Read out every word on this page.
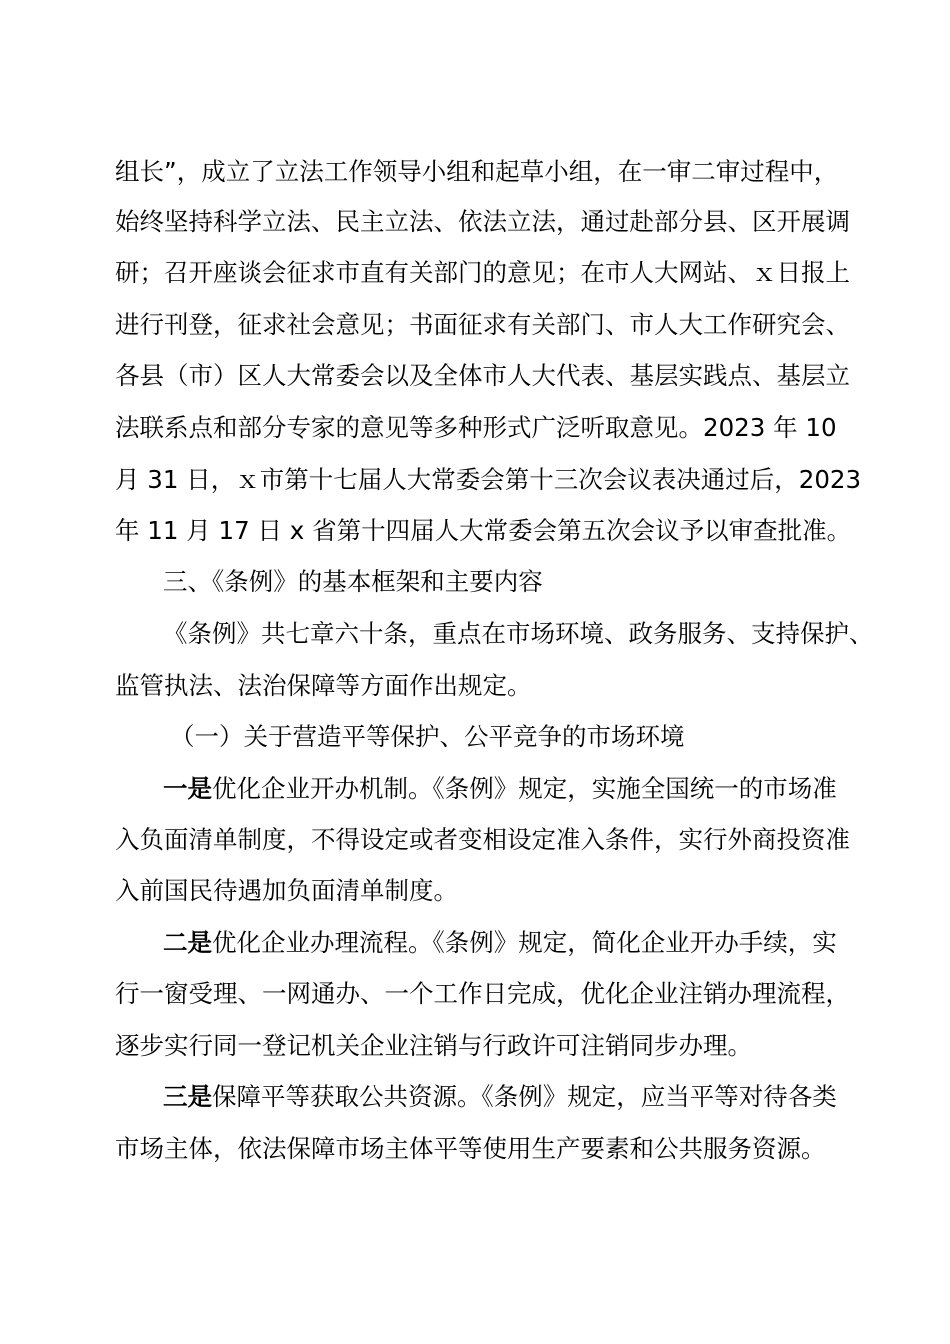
组长”，成立了立法工作领导小组和起草小组，在一审二审过程中，
始终坚持科学立法、民主立法、依法立法，通过赴部分县、区开展调
研；召开座谈会征求市直有关部门的意见；在市人大网站、ｘ日报上
进行刊登，征求社会意见；书面征求有关部门、市人大工作研究会、
各县（市）区人大常委会以及全体市人大代表、基层实践点、基层立
法联系点和部分专家的意见等多种形式广泛听取意见。2023 年 10
月 31 日，ｘ市第十七届人大常委会第十三次会议表决通过后，2023
年 11 月 17 日 x 省第十四届人大常委会第五次会议予以审查批准。
三、《条例》的基本框架和主要内容
《条例》共七章六十条，重点在市场环境、政务服务、支持保护、
监管执法、法治保障等方面作出规定。
（一）关于营造平等保护、公平竞争的市场环境
一是优化企业开办机制。《条例》规定，实施全国统一的市场准
入负面清单制度，不得设定或者变相设定准入条件，实行外商投资准
入前国民待遇加负面清单制度。
二是优化企业办理流程。《条例》规定，简化企业开办手续，实
行一窗受理、一网通办、一个工作日完成，优化企业注销办理流程，
逐步实行同一登记机关企业注销与行政许可注销同步办理。
三是保障平等获取公共资源。《条例》规定，应当平等对待各类
市场主体，依法保障市场主体平等使用生产要素和公共服务资源。
